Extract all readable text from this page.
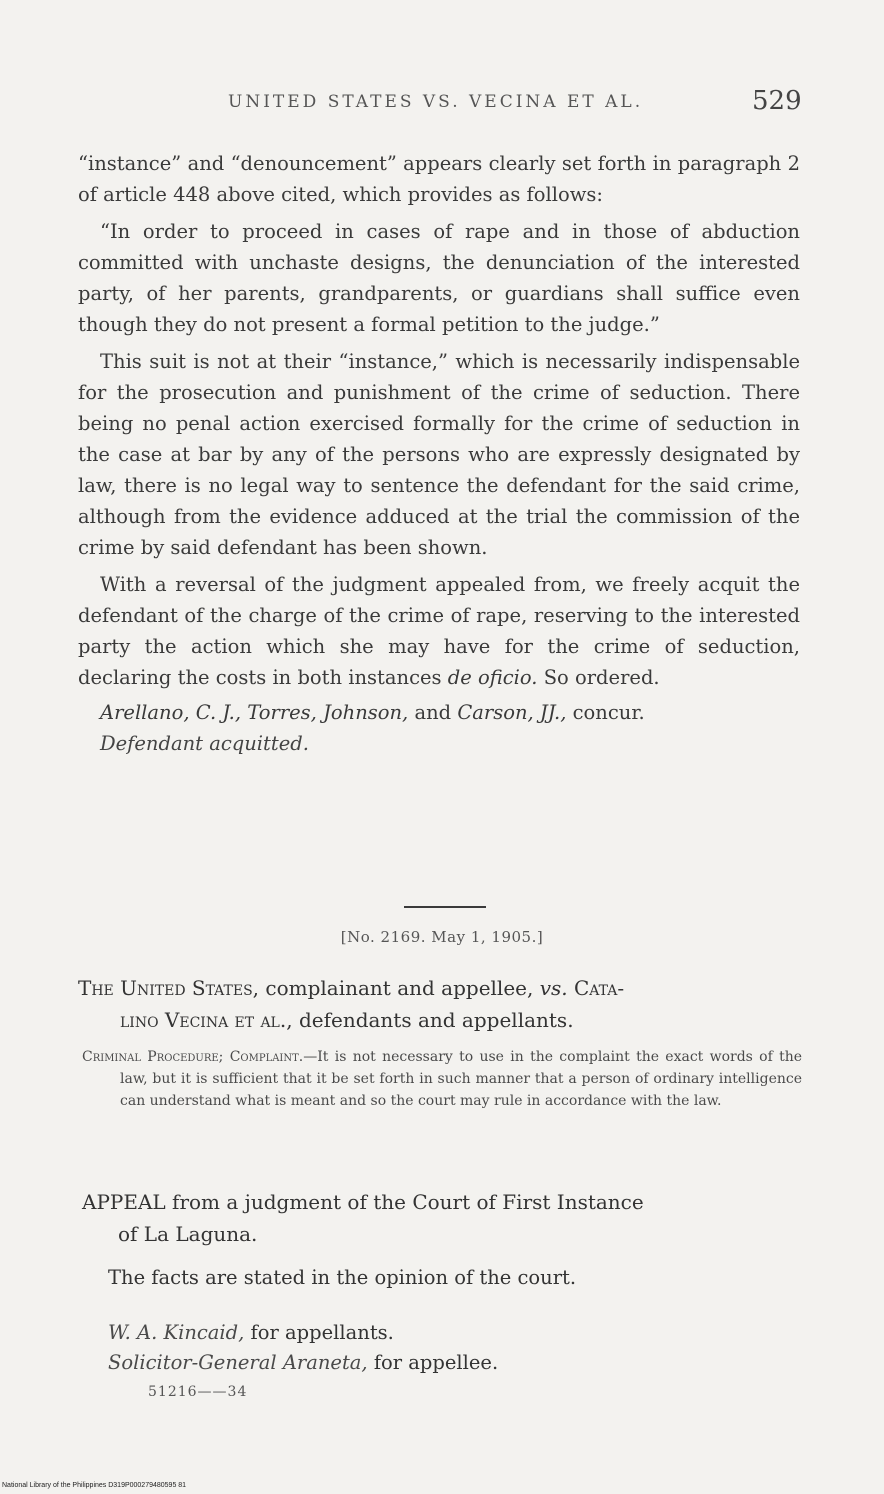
UNITED STATES VS. VECINA ET AL.	529

“instance” and “denouncement” appears clearly set forth in paragraph 2 of article 448 above cited, which provides as follows:

“In order to proceed in cases of rape and in those of abduction committed with unchaste designs, the denunciation of the interested party, of her parents, grandparents, or guardians shall suffice even though they do not present a formal petition to the judge.”

This suit is not at their “instance,” which is necessarily indispensable for the prosecution and punishment of the crime of seduction. There being no penal action exercised formally for the crime of seduction in the case at bar by any of the persons who are expressly designated by law, there is no legal way to sentence the defendant for the said crime, although from the evidence adduced at the trial the commission of the crime by said defendant has been shown.

With a reversal of the judgment appealed from, we freely acquit the defendant of the charge of the crime of rape, reserving to the interested party the action which she may have for the crime of seduction, declaring the costs in both instances de oficio. So ordered.

Arellano, C. J., Torres, Johnson, and Carson, JJ., concur.

Defendant acquitted.

[No. 2169. May 1, 1905.]
The United States, complainant and appellee, vs. Cata-
lino Vecina et al., defendants and appellants.
Criminal Procedure; Complaint.—It is not necessary to use in the complaint the exact words of the law, but it is sufficient that it be set forth in such manner that a person of ordinary intelligence can understand what is meant and so the court may rule in accordance with the law.
APPEAL from a judgment of the Court of First Instance
of La Laguna.
The facts are stated in the opinion of the court.
W. A. Kincaid, for appellants.
Solicitor-General Araneta, for appellee.
51216——34
National Library of the Philippines D319P000279480595 81
